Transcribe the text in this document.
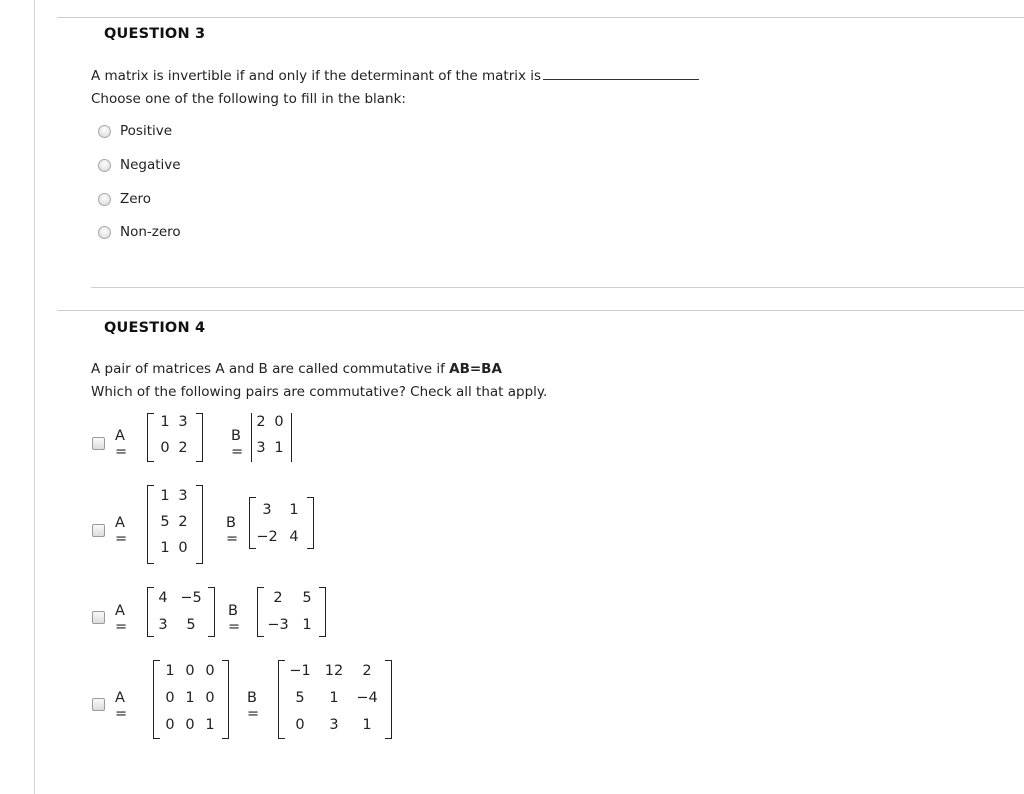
QUESTION 3
A matrix is invertible if and only if the determinant of the matrix is
Choose one of the following to fill in the blank:
Positive
Negative
Zero
Non-zero
QUESTION 4
A pair of matrices A and B are called commutative if AB=BA
Which of the following pairs are commutative? Check all that apply.
A =
1 3
0 2
B =
2 0
3 1
A =
1 3
5 2
1 0
B =
3	1
−2 4
A =
4 −5
3	5
B =
2	5
−3 1
A =
1 0 0
0 1 0
0 0 1
B =
−1 12	2
5	1	−4
0	3	1
